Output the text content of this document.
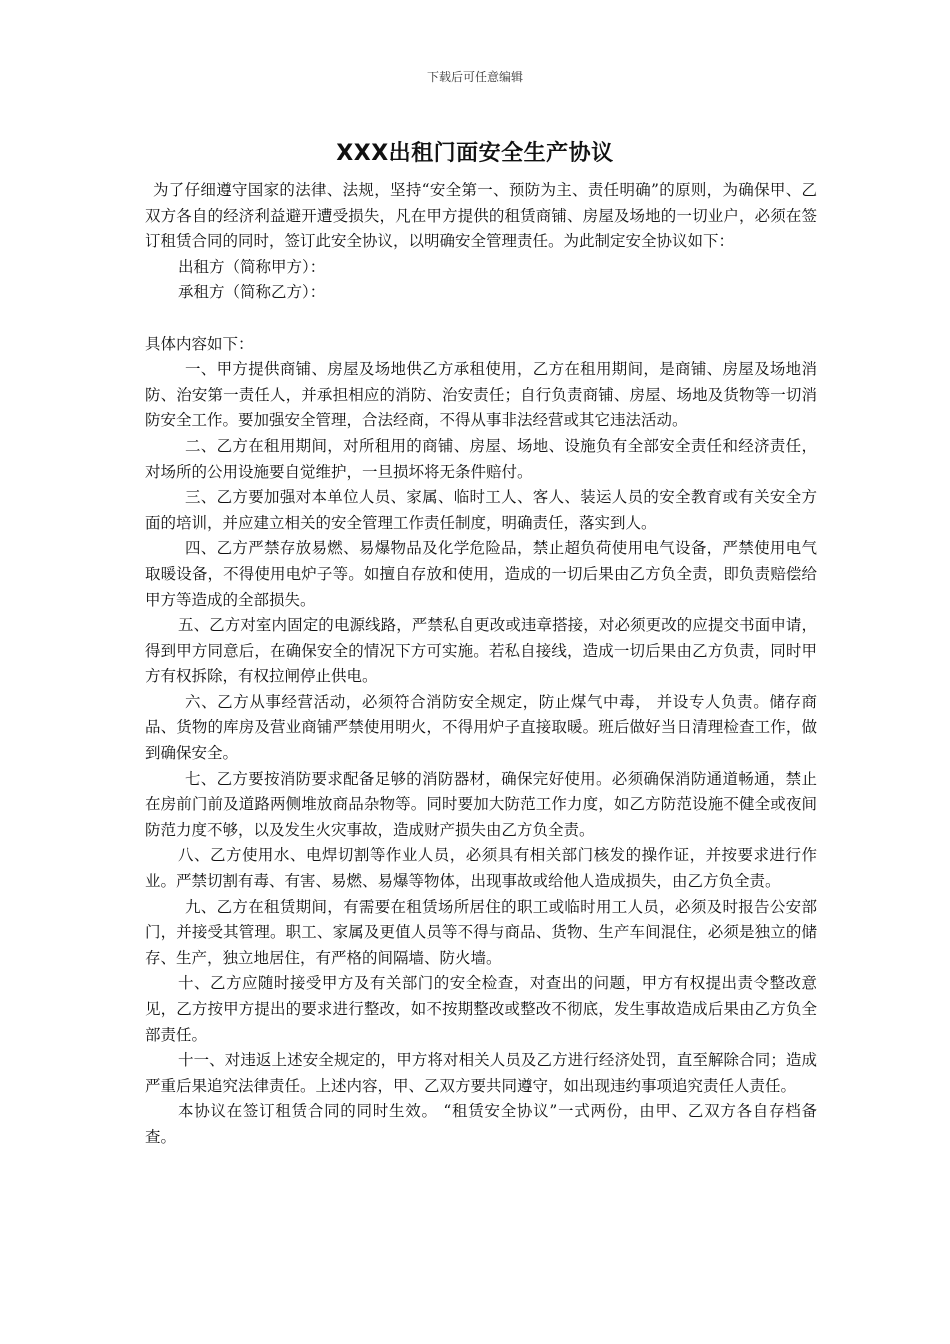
下载后可任意编辑
XXX出租门面安全生产协议

为了仔细遵守国家的法律、法规，坚持“安全第一、预防为主、责任明确”的原则，为确保甲、乙双方各自的经济利益避开遭受损失，凡在甲方提供的租赁商铺、房屋及场地的一切业户，必须在签订租赁合同的同时，签订此安全协议，以明确安全管理责任。为此制定安全协议如下：

出租方（简称甲方）：

承租方（简称乙方）：

具体内容如下：

一、甲方提供商铺、房屋及场地供乙方承租使用，乙方在租用期间，是商铺、房屋及场地消防、治安第一责任人，并承担相应的消防、治安责任；自行负责商铺、房屋、场地及货物等一切消防安全工作。要加强安全管理，合法经商，不得从事非法经营或其它违法活动。

二、乙方在租用期间，对所租用的商铺、房屋、场地、设施负有全部安全责任和经济责任，对场所的公用设施要自觉维护，一旦损坏将无条件赔付。

三、乙方要加强对本单位人员、家属、临时工人、客人、装运人员的安全教育或有关安全方面的培训，并应建立相关的安全管理工作责任制度，明确责任，落实到人。

四、乙方严禁存放易燃、易爆物品及化学危险品，禁止超负荷使用电气设备，严禁使用电气取暖设备，不得使用电炉子等。如擅自存放和使用，造成的一切后果由乙方负全责，即负责赔偿给甲方等造成的全部损失。

五、乙方对室内固定的电源线路，严禁私自更改或违章搭接，对必须更改的应提交书面申请，得到甲方同意后，在确保安全的情况下方可实施。若私自接线，造成一切后果由乙方负责，同时甲方有权拆除，有权拉闸停止供电。

六、乙方从事经营活动，必须符合消防安全规定，防止煤气中毒， 并设专人负责。储存商品、货物的库房及营业商铺严禁使用明火，不得用炉子直接取暖。班后做好当日清理检查工作，做到确保安全。

七、乙方要按消防要求配备足够的消防器材，确保完好使用。必须确保消防通道畅通，禁止在房前门前及道路两侧堆放商品杂物等。同时要加大防范工作力度，如乙方防范设施不健全或夜间防范力度不够，以及发生火灾事故，造成财产损失由乙方负全责。

八、乙方使用水、电焊切割等作业人员，必须具有相关部门核发的操作证，并按要求进行作业。严禁切割有毒、有害、易燃、易爆等物体，出现事故或给他人造成损失，由乙方负全责。

九、乙方在租赁期间，有需要在租赁场所居住的职工或临时用工人员，必须及时报告公安部门，并接受其管理。职工、家属及更值人员等不得与商品、货物、生产车间混住，必须是独立的储存、生产，独立地居住，有严格的间隔墙、防火墙。

十、乙方应随时接受甲方及有关部门的安全检查，对查出的问题，甲方有权提出责令整改意见，乙方按甲方提出的要求进行整改，如不按期整改或整改不彻底，发生事故造成后果由乙方负全部责任。

十一、对违返上述安全规定的，甲方将对相关人员及乙方进行经济处罚，直至解除合同；造成严重后果追究法律责任。上述内容，甲、乙双方要共同遵守，如出现违约事项追究责任人责任。

本协议在签订租赁合同的同时生效。 “租赁安全协议”一式两份，由甲、乙双方各自存档备查。
